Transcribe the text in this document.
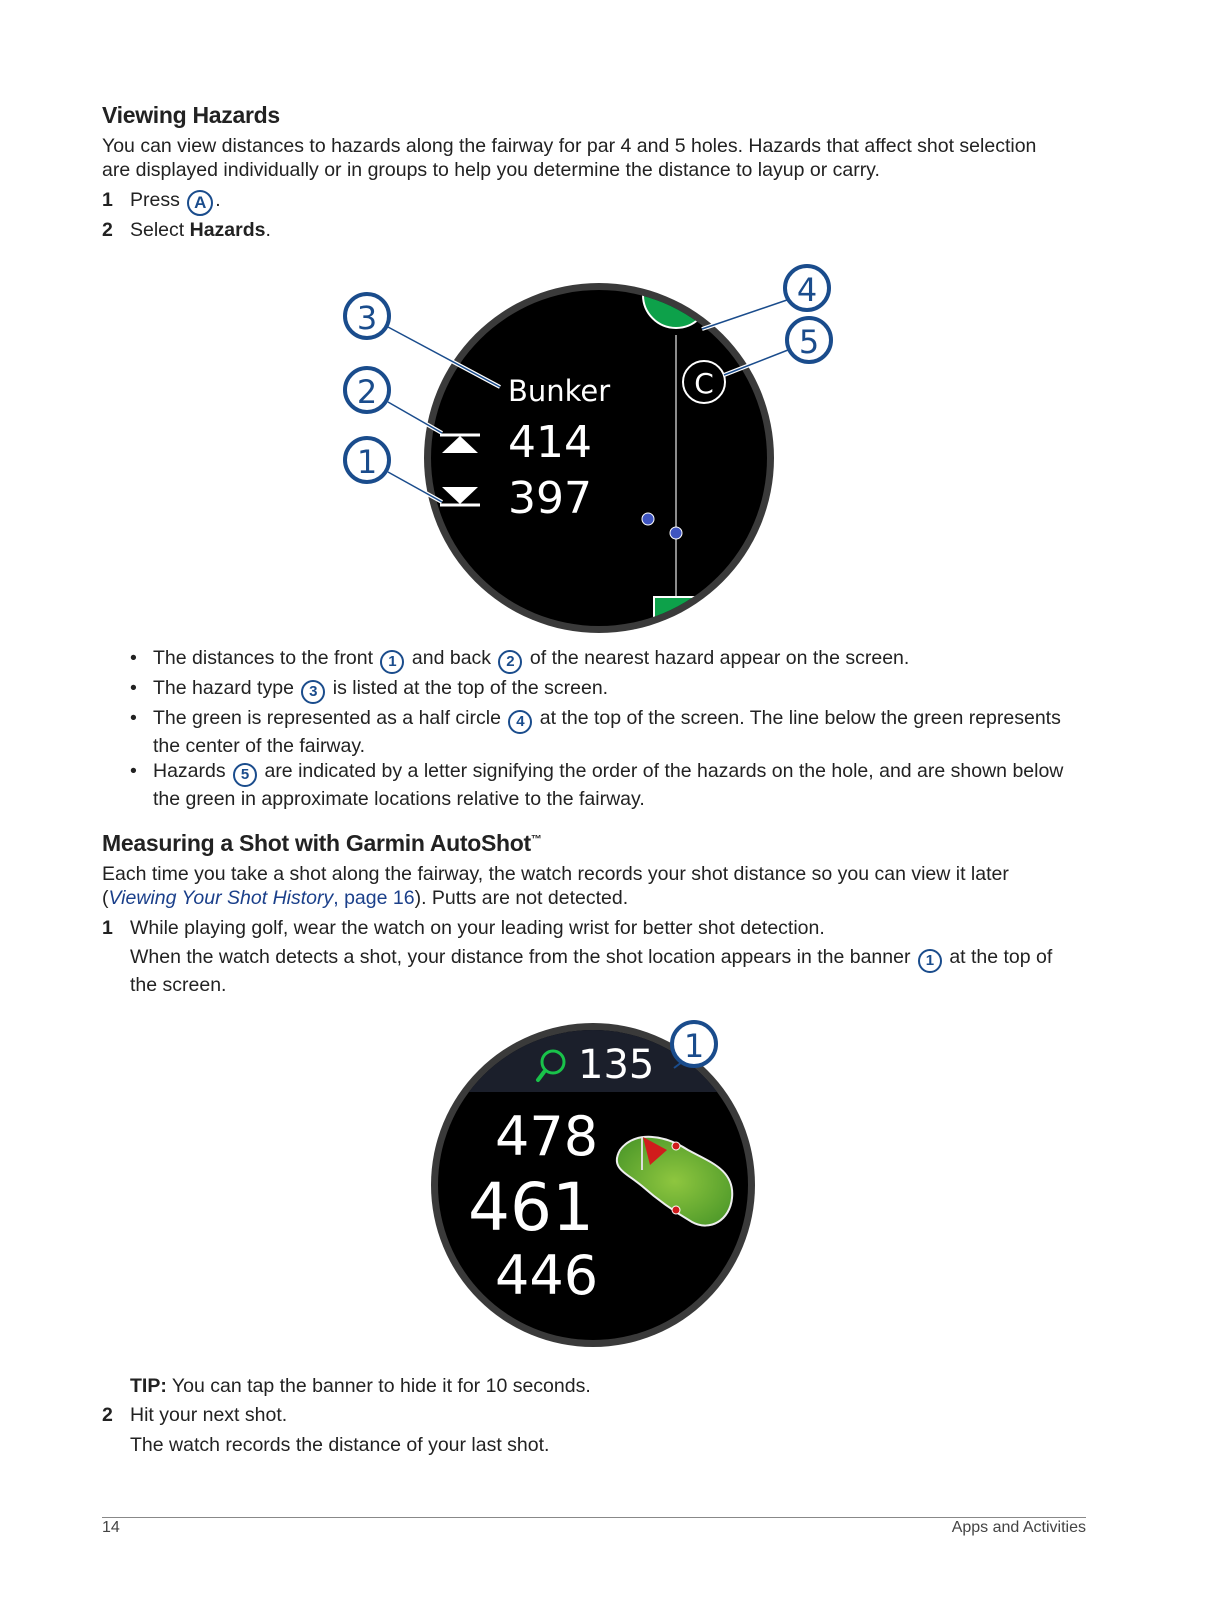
Viewing Hazards
You can view distances to hazards along the fairway for par 4 and 5 holes. Hazards that affect shot selection
are displayed individually or in groups to help you determine the distance to layup or carry.
1 Press A .
2 Select Hazards.
C
Bunker
414
397
3
2
1
4
5
• The distances to the front 1 and back 2 of the nearest hazard appear on the screen.
• The hazard type 3 is listed at the top of the screen.
• The green is represented as a half circle 4 at the top of the screen. The line below the green represents
the center of the fairway.
• Hazards 5 are indicated by a letter signifying the order of the hazards on the hole, and are shown below
the green in approximate locations relative to the fairway.
Measuring a Shot with Garmin AutoShot™
Each time you take a shot along the fairway, the watch records your shot distance so you can view it later
(Viewing Your Shot History, page 16). Putts are not detected.
1 While playing golf, wear the watch on your leading wrist for better shot detection.
When the watch detects a shot, your distance from the shot location appears in the banner 1 at the top of
the screen.
135
478
461
446
1
TIP: You can tap the banner to hide it for 10 seconds.
2 Hit your next shot.
The watch records the distance of your last shot.
14	Apps and Activities
